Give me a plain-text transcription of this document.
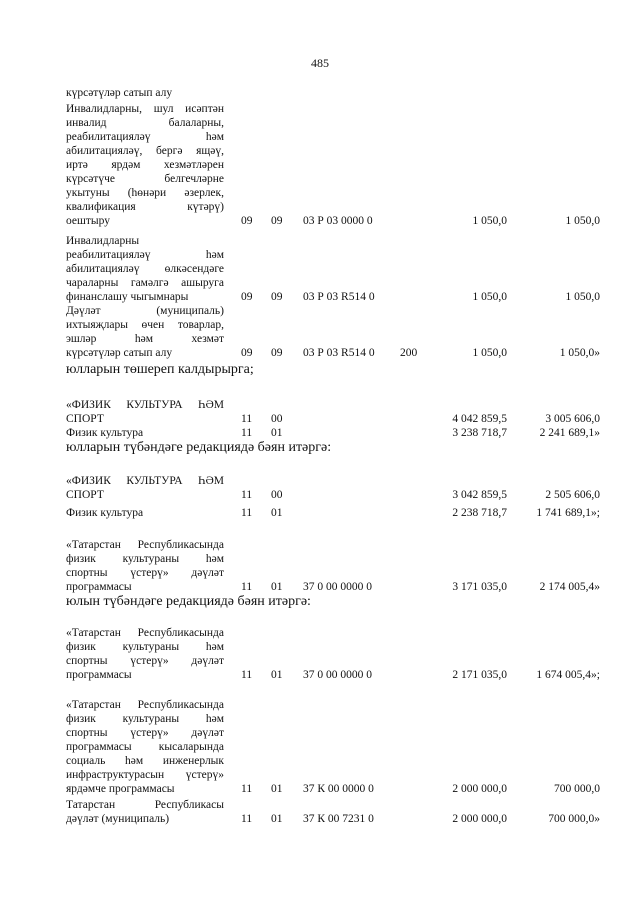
485
күрсәтүләр сатып алу
Инвалидларны, шул исәптән
инвалид балаларны,
реабилитацияләү һәм
абилитацияләү, бергә ящәү,
иртә ярдәм хезмәтләрен
күрсәтүче белгечләрне
укытуны (һөнәри әзерлек,
квалификация күтәрү)
оештыру	09 09 03 Р 03 0000 0	1 050,0	1 050,0
Инвалидларны
реабилитацияләү һәм
абилитацияләү өлкәсендәге
чараларны гамәлгә ашыруга
финанслашу чыгымнары	09 09 03 Р 03 R514 0	1 050,0	1 050,0
Дәүләт (муниципаль)
ихтыяҗлары өчен товарлар,
эшләр һәм хезмәт
күрсәтүләр сатып алу	09 09 03 Р 03 R514 0 200	1 050,0	1 050,0»
юлларын төшереп калдырырга;
«ФИЗИК КУЛЬТУРА ҺӘМ
СПОРТ	11 00	4 042 859,5	3 005 606,0
Физик культура	11 01	3 238 718,7	2 241 689,1»
юлларын түбәндәге редакциядә бәян итәргә:
«ФИЗИК КУЛЬТУРА ҺӘМ
СПОРТ	11 00	3 042 859,5	2 505 606,0
Физик культура	11 01	2 238 718,7	1 741 689,1»;
«Татарстан Республикасында
физик культураны һәм
спортны үстерү» дәүләт
программасы	11 01 37 0 00 0000 0	3 171 035,0	2 174 005,4»
юлын түбәндәге редакциядә бәян итәргә:
«Татарстан Республикасында
физик культураны һәм
спортны үстерү» дәүләт
программасы	11 01 37 0 00 0000 0	2 171 035,0	1 674 005,4»;
«Татарстан Республикасында
физик культураны һәм
спортны үстерү» дәүләт
программасы кысаларында
социаль һәм инженерлык
инфраструктурасын үстерү»
ярдәмче программасы	11 01 37 К 00 0000 0	2 000 000,0	700 000,0
Татарстан Республикасы
дәүләт (муниципаль)	11 01 37 К 00 7231 0	2 000 000,0	700 000,0»
